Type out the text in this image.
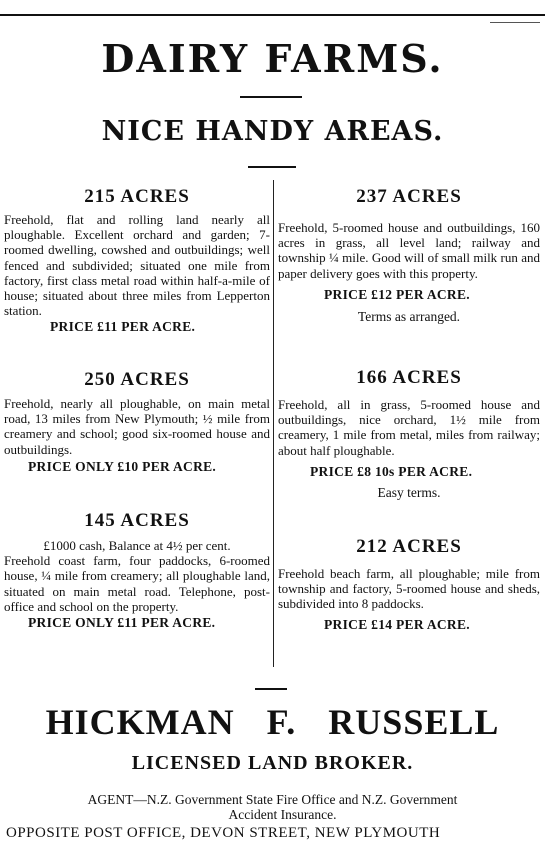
DAIRY FARMS.
NICE HANDY AREAS.
215 ACRES
Freehold, flat and rolling land nearly all ploughable. Excellent orchard and garden; 7-roomed dwelling, cowshed and outbuildings; well fenced and subdivided; situated one mile from factory, first class metal road within half-a-mile of house; situated about three miles from Lepperton station.
PRICE £11 PER ACRE.
250 ACRES
Freehold, nearly all ploughable, on main metal road, 13 miles from New Plymouth; ½ mile from creamery and school; good six-roomed house and outbuildings.
PRICE ONLY £10 PER ACRE.
145 ACRES
£1000 cash, Balance at 4½ per cent.
Freehold coast farm, four paddocks, 6-roomed house, ¼ mile from creamery; all ploughable land, situated on main metal road. Telephone, post-office and school on the property.
PRICE ONLY £11 PER ACRE.
237 ACRES
Freehold, 5-roomed house and outbuildings, 160 acres in grass, all level land; railway and township ¼ mile. Good will of small milk run and paper delivery goes with this property.
PRICE £12 PER ACRE.
Terms as arranged.
166 ACRES
Freehold, all in grass, 5-roomed house and outbuildings, nice orchard, 1½ mile from creamery, 1 mile from metal, miles from railway; about half ploughable.
PRICE £8 10s PER ACRE.
Easy terms.
212 ACRES
Freehold beach farm, all ploughable; mile from township and factory, 5-roomed house and sheds, subdivided into 8 paddocks.
PRICE £14 PER ACRE.
HICKMAN F. RUSSELL
LICENSED LAND BROKER.
AGENT—N.Z. Government State Fire Office and N.Z. Government
Accident Insurance.
OPPOSITE POST OFFICE, DEVON STREET, NEW PLYMOUTH
